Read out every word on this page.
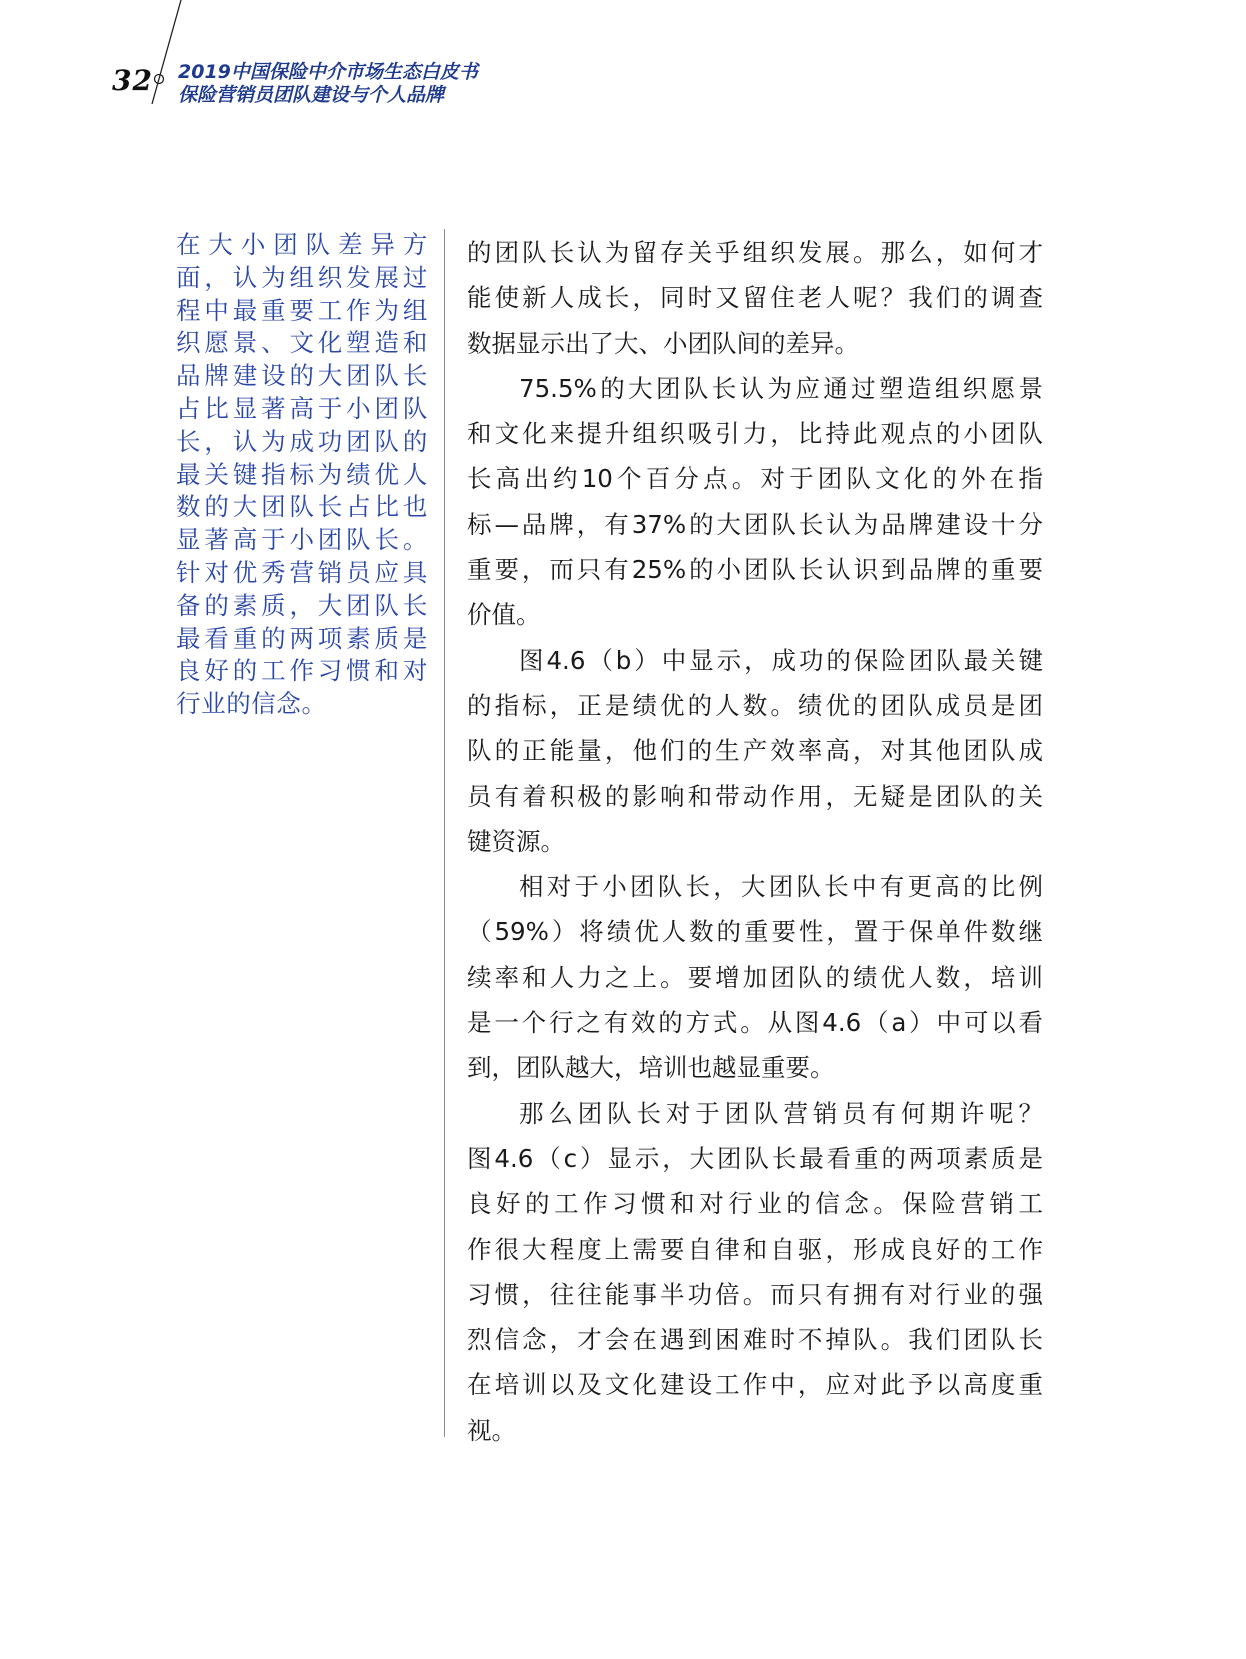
32 2019中国保险中介市场生态白皮书
保险营销员团队建设与个人品牌
在大小团队差异方
面，认为组织发展过
程中最重要工作为组
织愿景、文化塑造和
品牌建设的大团队长
占比显著高于小团队
长，认为成功团队的
最关键指标为绩优人
数的大团队长占比也
显著高于小团队长。
针对优秀营销员应具
备的素质，大团队长
最看重的两项素质是
良好的工作习惯和对
行业的信念。
的团队长认为留存关乎组织发展。那么，如何才
能使新人成长，同时又留住老人呢？我们的调查
数据显示出了大、小团队间的差异。
75.5%的大团队长认为应通过塑造组织愿景
和文化来提升组织吸引力，比持此观点的小团队
长高出约10个百分点。对于团队文化的外在指
标—品牌，有37%的大团队长认为品牌建设十分
重要，而只有25%的小团队长认识到品牌的重要
价值。
图4.6（b）中显示，成功的保险团队最关键
的指标，正是绩优的人数。绩优的团队成员是团
队的正能量，他们的生产效率高，对其他团队成
员有着积极的影响和带动作用，无疑是团队的关
键资源。
相对于小团队长，大团队长中有更高的比例
（59%）将绩优人数的重要性，置于保单件数继
续率和人力之上。要增加团队的绩优人数，培训
是一个行之有效的方式。从图4.6（a）中可以看
到，团队越大，培训也越显重要。
那么团队长对于团队营销员有何期许呢？
图4.6（c）显示，大团队长最看重的两项素质是
良好的工作习惯和对行业的信念。保险营销工
作很大程度上需要自律和自驱，形成良好的工作
习惯，往往能事半功倍。而只有拥有对行业的强
烈信念，才会在遇到困难时不掉队。我们团队长
在培训以及文化建设工作中，应对此予以高度重
视。
